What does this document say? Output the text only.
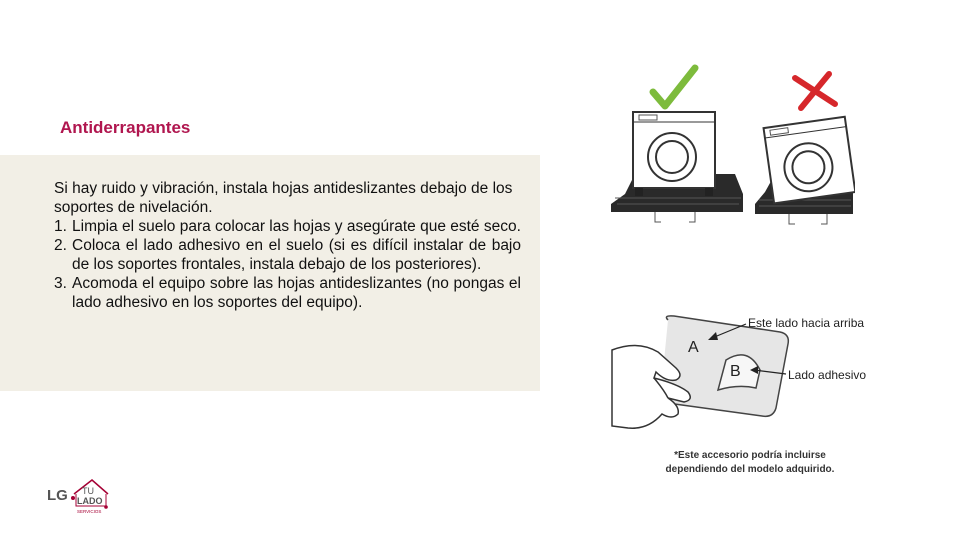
Antiderrapantes

Si hay ruido y vibración, instala hojas antideslizantes debajo de los soportes de nivelación.

1. Limpia el suelo para colocar las hojas y asegúrate que esté seco.
2. Coloca el lado adhesivo en el suelo (si es difícil instalar de bajo de los soportes frontales, instala debajo de los posteriores).
3. Acomoda el equipo sobre las hojas antideslizantes (no pongas el lado adhesivo en los soportes del equipo).
A
B
Este lado hacia arriba
Lado adhesivo
*Este accesorio podría incluirse
dependiendo del modelo adquirido.
LG TU
LADO
SERVICIOS
